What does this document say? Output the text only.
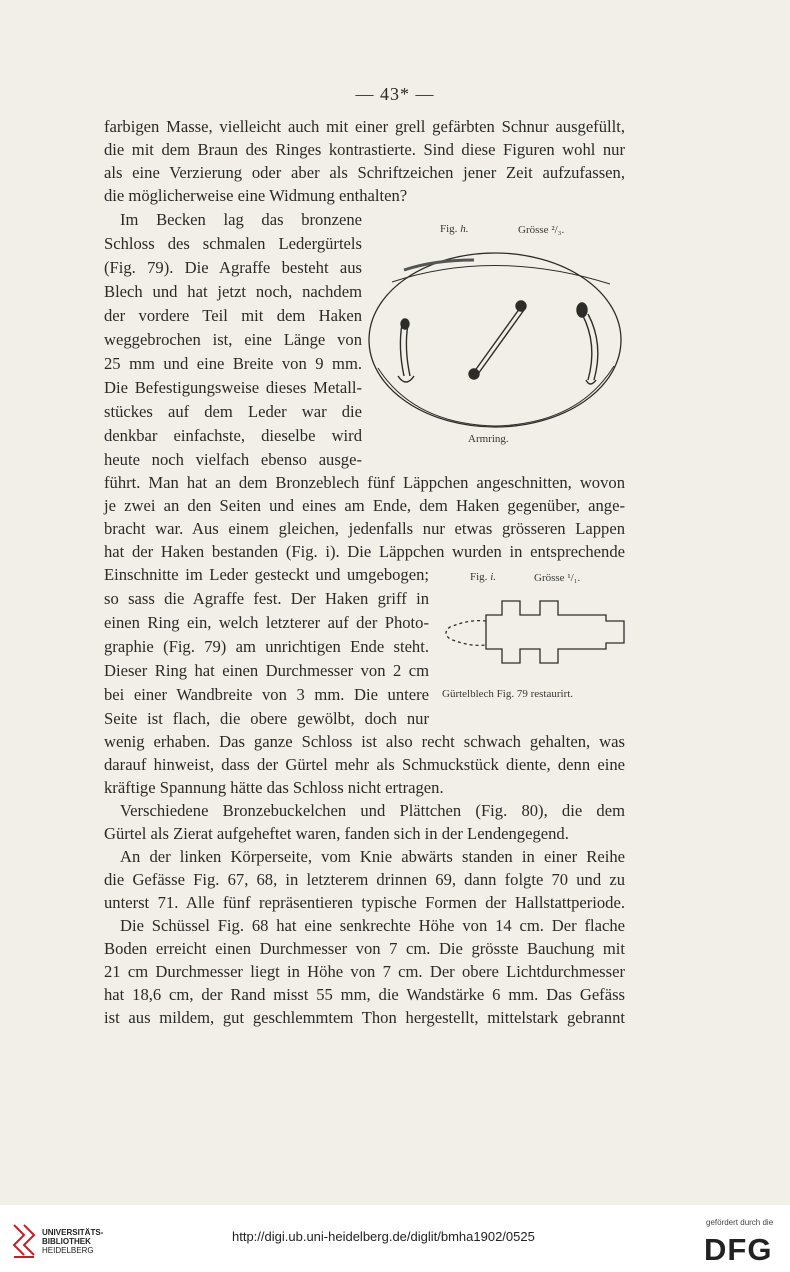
— 43* —
farbigen Masse, vielleicht auch mit einer grell gefärbten Schnur ausgefüllt,
die mit dem Braun des Ringes kontrastierte. Sind diese Figuren wohl nur
als eine Verzierung oder aber als Schriftzeichen jener Zeit aufzufassen,
die möglicherweise eine Widmung enthalten?
Im Becken lag das bronzene
Schloss des schmalen Ledergürtels
(Fig. 79). Die Agraffe besteht aus
Blech und hat jetzt noch, nachdem
der vordere Teil mit dem Haken
weggebrochen ist, eine Länge von
25 mm und eine Breite von 9 mm.
Die Befestigungsweise dieses Metall-
stückes auf dem Leder war die
denkbar einfachste, dieselbe wird
heute noch vielfach ebenso ausge-
führt. Man hat an dem Bronzeblech fünf Läppchen angeschnitten, wovon
je zwei an den Seiten und eines am Ende, dem Haken gegenüber, ange-
bracht war. Aus einem gleichen, jedenfalls nur etwas grösseren Lappen
hat der Haken bestanden (Fig. i). Die Läppchen wurden in entsprechende
Einschnitte im Leder gesteckt und umgebogen;
so sass die Agraffe fest. Der Haken griff in
einen Ring ein, welch letzterer auf der Photo-
graphie (Fig. 79) am unrichtigen Ende steht.
Dieser Ring hat einen Durchmesser von 2 cm
bei einer Wandbreite von 3 mm. Die untere
Seite ist flach, die obere gewölbt, doch nur
wenig erhaben. Das ganze Schloss ist also recht schwach gehalten, was
darauf hinweist, dass der Gürtel mehr als Schmuckstück diente, denn eine
kräftige Spannung hätte das Schloss nicht ertragen.
Verschiedene Bronzebuckelchen und Plättchen (Fig. 80), die dem
Gürtel als Zierat aufgeheftet waren, fanden sich in der Lendengegend.
An der linken Körperseite, vom Knie abwärts standen in einer Reihe
die Gefässe Fig. 67, 68, in letzterem drinnen 69, dann folgte 70 und zu
unterst 71. Alle fünf repräsentieren typische Formen der Hallstattperiode.
Die Schüssel Fig. 68 hat eine senkrechte Höhe von 14 cm. Der flache
Boden erreicht einen Durchmesser von 7 cm. Die grösste Bauchung mit
21 cm Durchmesser liegt in Höhe von 7 cm. Der obere Lichtdurchmesser
hat 18,6 cm, der Rand misst 55 mm, die Wandstärke 6 mm. Das Gefäss
ist aus mildem, gut geschlemmtem Thon hergestellt, mittelstark gebrannt
Fig. h.	Grösse ²/₃.
Armring.
Fig. i.	Grösse ¹/₁.
Gürtelblech Fig. 79 restaurirt.
UNIVERSITÄTS-
BIBLIOTHEK
HEIDELBERG
http://digi.ub.uni-heidelberg.de/diglit/bmha1902/0525
gefördert durch die
DFG
